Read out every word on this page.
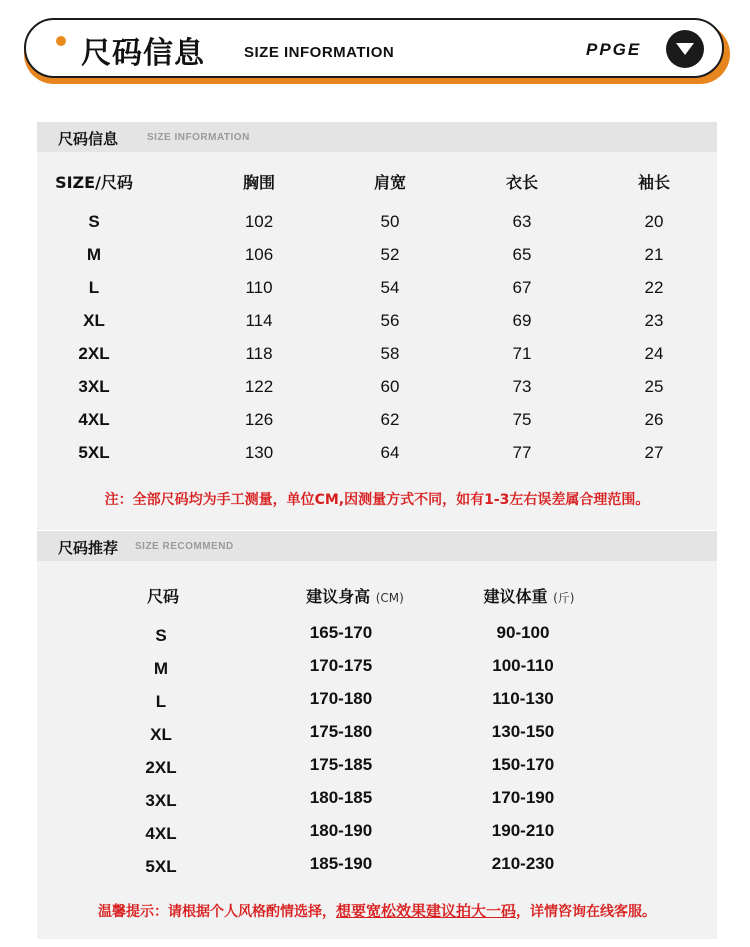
尺码信息	SIZE INFORMATION	PPGE
尺码信息	SIZE INFORMATION
SIZE/尺码	胸围	肩宽	衣长	袖长
S	102	50	63	20
M	106	52	65	21
L	110	54	67	22
XL	114	56	69	23
2XL	118	58	71	24
3XL	122	60	73	25
4XL	126	62	75	26
5XL	130	64	77	27
注：全部尺码均为手工测量，单位CM,因测量方式不同，如有1-3左右误差属合理范围。
尺码推荐 SIZE RECOMMEND
尺码	建议身高 (CM)	建议体重 (斤)
S	165-170	90-100
M	170-175	100-110
L	170-180	110-130
XL	175-180	130-150
2XL	175-185	150-170
3XL	180-185	170-190
4XL	180-190	190-210
5XL	185-190	210-230
温馨提示：请根据个人风格酌情选择，想要宽松效果建议拍大一码，详情咨询在线客服。
